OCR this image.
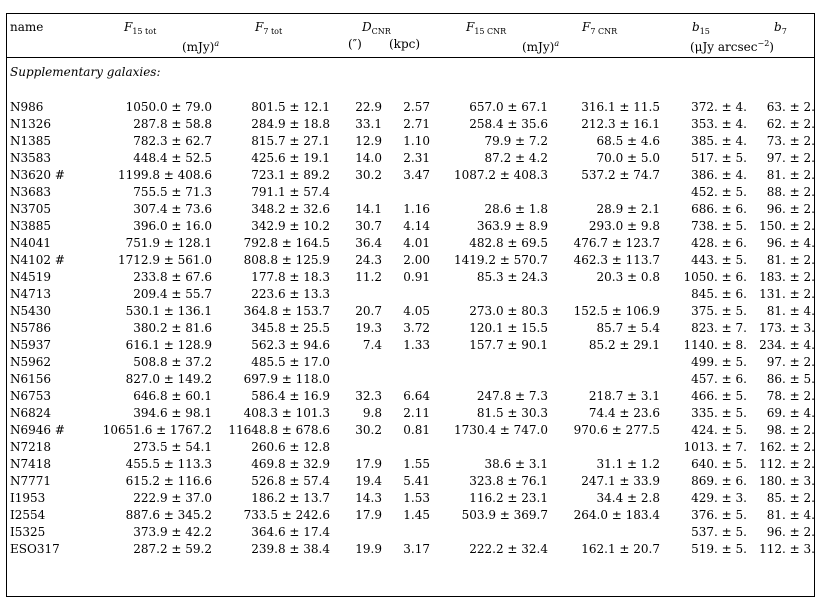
name	$F_{15 tot}$	$F_{7 tot}$	$D_{CNR}$	$F_{15 CNR}$	$F_{7 CNR}$	$b_{15}$	$b_7$
(mJy)$^a$	(″) (kpc)	(mJy)$^a$	(μJy arcsec$^{-2}$)
Supplementary galaxies:
N986	1050.0 ± 79.0	801.5 ± 12.1	22.9	2.57	657.0 ± 67.1	316.1 ± 11.5	372. ± 4.	63. ± 2.
N1326	287.8 ± 58.8	284.9 ± 18.8	33.1	2.71	258.4 ± 35.6	212.3 ± 16.1	353. ± 4.	62. ± 2.
N1385	782.3 ± 62.7	815.7 ± 27.1	12.9	1.10	79.9 ± 7.2	68.5 ± 4.6	385. ± 4.	73. ± 2.
N3583	448.4 ± 52.5	425.6 ± 19.1	14.0	2.31	87.2 ± 4.2	70.0 ± 5.0	517. ± 5.	97. ± 2.
N3620 #	1199.8 ± 408.6	723.1 ± 89.2	30.2	3.47	1087.2 ± 408.3	537.2 ± 74.7	386. ± 4.	81. ± 2.
N3683	755.5 ± 71.3	791.1 ± 57.4					452. ± 5.	88. ± 2.
N3705	307.4 ± 73.6	348.2 ± 32.6	14.1	1.16	28.6 ± 1.8	28.9 ± 2.1	686. ± 6.	96. ± 2.
N3885	396.0 ± 16.0	342.9 ± 10.2	30.7	4.14	363.9 ± 8.9	293.0 ± 9.8	738. ± 5.	150. ± 2.
N4041	751.9 ± 128.1	792.8 ± 164.5	36.4	4.01	482.8 ± 69.5	476.7 ± 123.7	428. ± 6.	96. ± 4.
N4102 #	1712.9 ± 561.0	808.8 ± 125.9	24.3	2.00	1419.2 ± 570.7	462.3 ± 113.7	443. ± 5.	81. ± 2.
N4519	233.8 ± 67.6	177.8 ± 18.3	11.2	0.91	85.3 ± 24.3	20.3 ± 0.8	1050. ± 6.	183. ± 2.
N4713	209.4 ± 55.7	223.6 ± 13.3					845. ± 6.	131. ± 2.
N5430	530.1 ± 136.1	364.8 ± 153.7	20.7	4.05	273.0 ± 80.3	152.5 ± 106.9	375. ± 5.	81. ± 4.
N5786	380.2 ± 81.6	345.8 ± 25.5	19.3	3.72	120.1 ± 15.5	85.7 ± 5.4	823. ± 7.	173. ± 3.
N5937	616.1 ± 128.9	562.3 ± 94.6	7.4	1.33	157.7 ± 90.1	85.2 ± 29.1	1140. ± 8.	234. ± 4.
N5962	508.8 ± 37.2	485.5 ± 17.0					499. ± 5.	97. ± 2.
N6156	827.0 ± 149.2	697.9 ± 118.0					457. ± 6.	86. ± 5.
N6753	646.8 ± 60.1	586.4 ± 16.9	32.3	6.64	247.8 ± 7.3	218.7 ± 3.1	466. ± 5.	78. ± 2.
N6824	394.6 ± 98.1	408.3 ± 101.3	9.8	2.11	81.5 ± 30.3	74.4 ± 23.6	335. ± 5.	69. ± 4.
N6946 #	10651.6 ± 1767.2	11648.8 ± 678.6	30.2	0.81	1730.4 ± 747.0	970.6 ± 277.5	424. ± 5.	98. ± 2.
N7218	273.5 ± 54.1	260.6 ± 12.8					1013. ± 7.	162. ± 2.
N7418	455.5 ± 113.3	469.8 ± 32.9	17.9	1.55	38.6 ± 3.1	31.1 ± 1.2	640. ± 5.	112. ± 2.
N7771	615.2 ± 116.6	526.8 ± 57.4	19.4	5.41	323.8 ± 76.1	247.1 ± 33.9	869. ± 6.	180. ± 3.
I1953	222.9 ± 37.0	186.2 ± 13.7	14.3	1.53	116.2 ± 23.1	34.4 ± 2.8	429. ± 3.	85. ± 2.
I2554	887.6 ± 345.2	733.5 ± 242.6	17.9	1.45	503.9 ± 369.7	264.0 ± 183.4	376. ± 5.	81. ± 4.
I5325	373.9 ± 42.2	364.6 ± 17.4					537. ± 5.	96. ± 2.
ESO317	287.2 ± 59.2	239.8 ± 38.4	19.9	3.17	222.2 ± 32.4	162.1 ± 20.7	519. ± 5.	112. ± 3.
